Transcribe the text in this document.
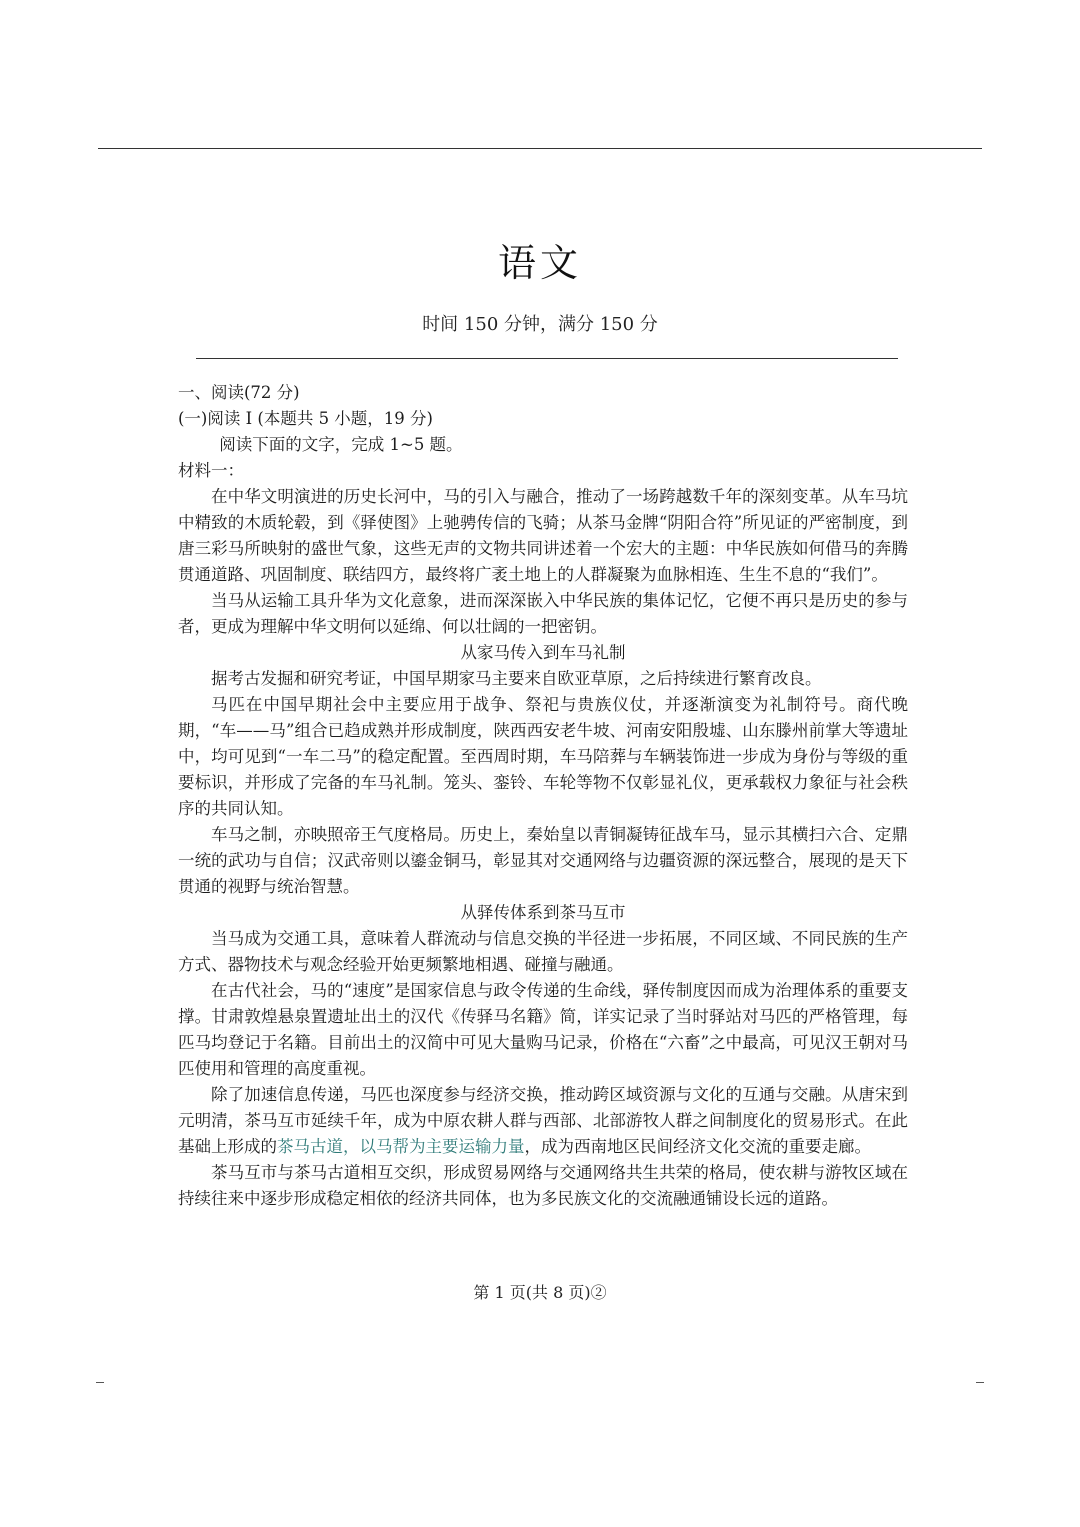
语文
时间 150 分钟，满分 150 分

一、阅读(72 分)

(一)阅读 I (本题共 5 小题，19 分)

阅读下面的文字，完成 1~5 题。

材料一：

在中华文明演进的历史长河中，马的引入与融合，推动了一场跨越数千年的深刻变革。从车马坑中精致的木质轮毂，到《驿使图》上驰骋传信的飞骑；从茶马金牌“阴阳合符”所见证的严密制度，到唐三彩马所映射的盛世气象，这些无声的文物共同讲述着一个宏大的主题：中华民族如何借马的奔腾贯通道路、巩固制度、联结四方，最终将广袤土地上的人群凝聚为血脉相连、生生不息的“我们”。

当马从运输工具升华为文化意象，进而深深嵌入中华民族的集体记忆，它便不再只是历史的参与者，更成为理解中华文明何以延绵、何以壮阔的一把密钥。

从家马传入到车马礼制

据考古发掘和研究考证，中国早期家马主要来自欧亚草原，之后持续进行繁育改良。

马匹在中国早期社会中主要应用于战争、祭祀与贵族仪仗，并逐渐演变为礼制符号。商代晚期，“车——马”组合已趋成熟并形成制度，陕西西安老牛坡、河南安阳殷墟、山东滕州前掌大等遗址中，均可见到“一车二马”的稳定配置。至西周时期，车马陪葬与车辆装饰进一步成为身份与等级的重要标识，并形成了完备的车马礼制。笼头、銮铃、车轮等物不仅彰显礼仪，更承载权力象征与社会秩序的共同认知。

车马之制，亦映照帝王气度格局。历史上，秦始皇以青铜凝铸征战车马，显示其横扫六合、定鼎一统的武功与自信；汉武帝则以鎏金铜马，彰显其对交通网络与边疆资源的深远整合，展现的是天下贯通的视野与统治智慧。

从驿传体系到茶马互市

当马成为交通工具，意味着人群流动与信息交换的半径进一步拓展，不同区域、不同民族的生产方式、器物技术与观念经验开始更频繁地相遇、碰撞与融通。

在古代社会，马的“速度”是国家信息与政令传递的生命线，驿传制度因而成为治理体系的重要支撑。甘肃敦煌悬泉置遗址出土的汉代《传驿马名籍》简，详实记录了当时驿站对马匹的严格管理，每匹马均登记于名籍。目前出土的汉简中可见大量购马记录，价格在“六畜”之中最高，可见汉王朝对马匹使用和管理的高度重视。

除了加速信息传递，马匹也深度参与经济交换，推动跨区域资源与文化的互通与交融。从唐宋到元明清，茶马互市延续千年，成为中原农耕人群与西部、北部游牧人群之间制度化的贸易形式。在此基础上形成的茶马古道，以马帮为主要运输力量，成为西南地区民间经济文化交流的重要走廊。

茶马互市与茶马古道相互交织，形成贸易网络与交通网络共生共荣的格局，使农耕与游牧区域在持续往来中逐步形成稳定相依的经济共同体，也为多民族文化的交流融通铺设长远的道路。

第 1 页(共 8 页)②
